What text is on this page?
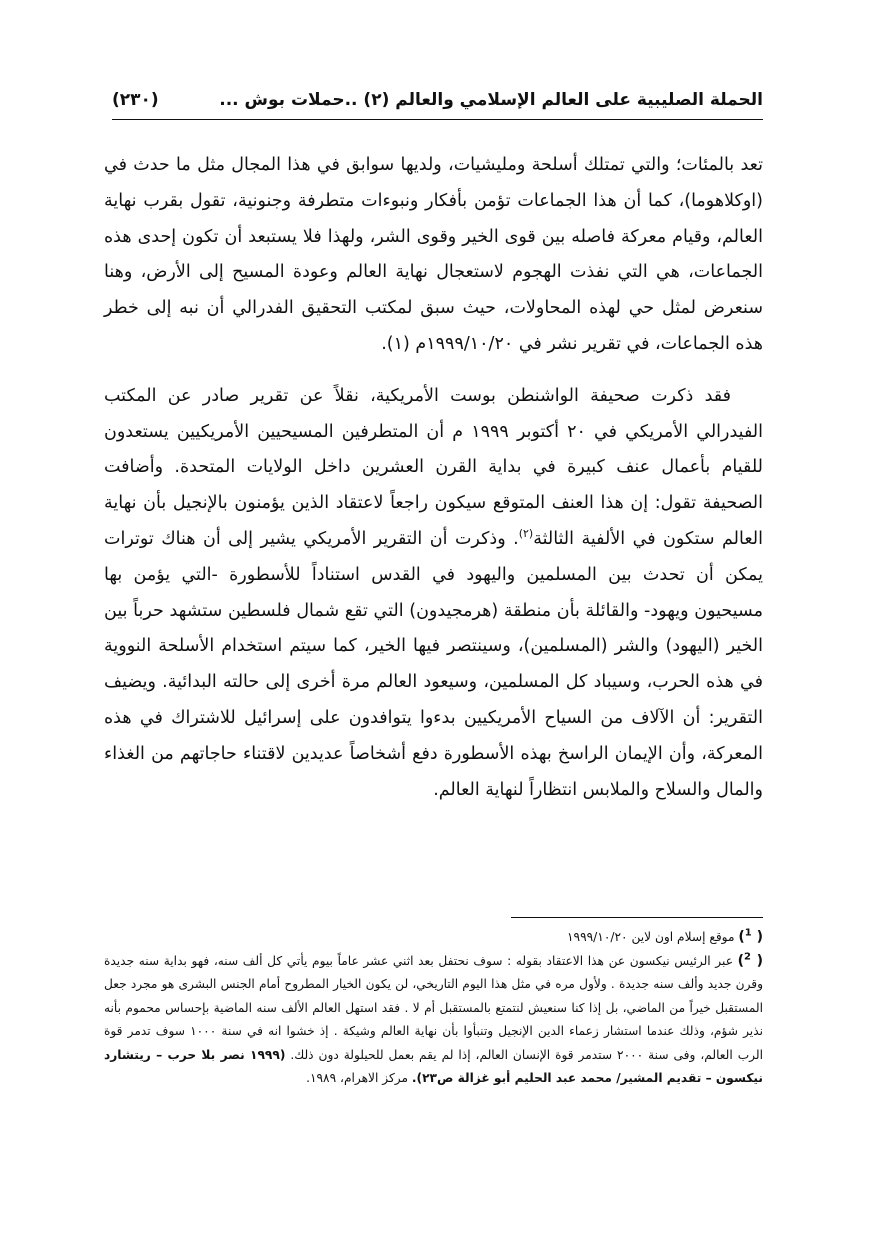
الحملة الصليبية على العالم الإسلامي والعالم (٢) ..حملات بوش ...
(٢٣٠)

تعد بالمئات؛ والتي تمتلك أسلحة ومليشيات، ولديها سوابق في هذا المجال مثل ما حدث في (اوكلاهوما)، كما أن هذا الجماعات تؤمن بأفكار ونبوءات متطرفة وجنونية، تقول بقرب نهاية العالم، وقيام معركة فاصله بين قوى الخير وقوى الشر، ولهذا فلا يستبعد أن تكون إحدى هذه الجماعات، هي التي نفذت الهجوم لاستعجال نهاية العالم وعودة المسيح إلى الأرض، وهنا سنعرض لمثل حي لهذه المحاولات، حيث سبق لمكتب التحقيق الفدرالي أن نبه إلى خطر هذه الجماعات، في تقرير نشر في ١٩٩٩/١٠/٢٠م (١).

فقد ذكرت صحيفة الواشنطن بوست الأمريكية، نقلاً عن تقرير صادر عن المكتب الفيدرالي الأمريكي في ٢٠ أكتوبر ١٩٩٩ م أن المتطرفين المسيحيين الأمريكيين يستعدون للقيام بأعمال عنف كبيرة في بداية القرن العشرين داخل الولايات المتحدة. وأضافت الصحيفة تقول: إن هذا العنف المتوقع سيكون راجعاً لاعتقاد الذين يؤمنون بالإنجيل بأن نهاية العالم ستكون في الألفية الثالثة$^{(٢)}$. وذكرت أن التقرير الأمريكي يشير إلى أن هناك توترات يمكن أن تحدث بين المسلمين واليهود في القدس استناداً للأسطورة -التي يؤمن بها مسيحيون ويهود- والقائلة بأن منطقة (هرمجيدون) التي تقع شمال فلسطين ستشهد حرباً بين الخير (اليهود) والشر (المسلمين)، وسينتصر فيها الخير، كما سيتم استخدام الأسلحة النووية في هذه الحرب، وسيباد كل المسلمين، وسيعود العالم مرة أخرى إلى حالته البدائية. ويضيف التقرير: أن الآلاف من السياح الأمريكيين بدءوا يتوافدون على إسرائيل للاشتراك في هذه المعركة، وأن الإيمان الراسخ بهذه الأسطورة دفع أشخاصاً عديدين لاقتناء حاجاتهم من الغذاء والمال والسلاح والملابس انتظاراً لنهاية العالم.

( $^1$) موقع إسلام اون لاين ١٩٩٩/١٠/٢٠

( $^2$) عبر الرئيس نيكسون عن هذا الاعتقاد بقوله : سوف نحتفل بعد اثني عشر عاماً بيوم يأتي كل ألف سنه، فهو بداية سنه جديدة وقرن جديد وألف سنه جديدة . ولأول مره في مثل هذا اليوم التاريخي، لن يكون الخيار المطروح أمام الجنس البشرى هو مجرد جعل المستقبل خيراً من الماضي، بل إذا كنا سنعيش لنتمتع بالمستقبل أم لا . فقد استهل العالم الألف سنه الماضية بإحساس محموم بأنه نذير شؤم، وذلك عندما استشار زعماء الدين الإنجيل وتنبأوا بأن نهاية العالم وشيكة . إذ خشوا انه في سنة ١٠٠٠ سوف تدمر قوة الرب العالم، وفى سنة ٢٠٠٠ ستدمر قوة الإنسان العالم، إذا لم يقم بعمل للحيلولة دون ذلك. (١٩٩٩ نصر بلا حرب – ريتشارد نيكسون – تقديم المشير/ محمد عبد الحليم أبو غزالة ص٢٣). مركز الاهرام، ١٩٨٩.
